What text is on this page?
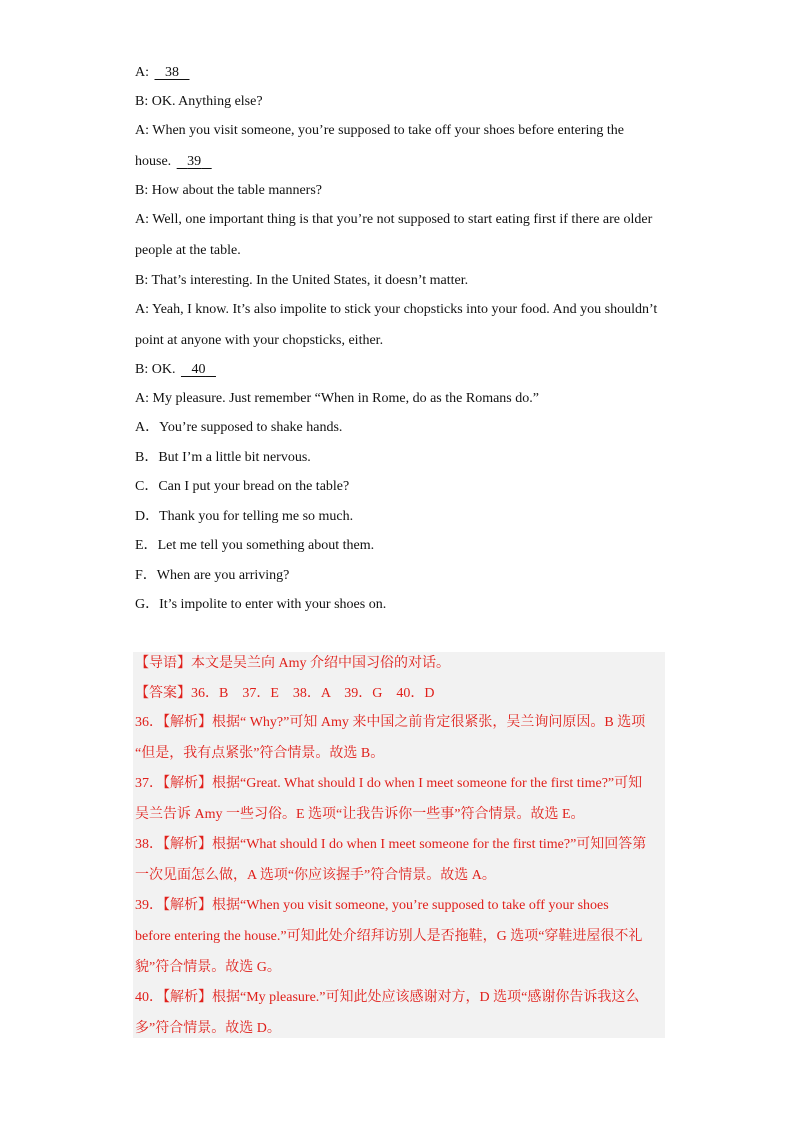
A: 38
B: OK. Anything else?
A: When you visit someone, you’re supposed to take off your shoes before entering the
house. 39
B: How about the table manners?
A: Well, one important thing is that you’re not supposed to start eating first if there are older
people at the table.
B: That’s interesting. In the United States, it doesn’t matter.
A: Yeah, I know. It’s also impolite to stick your chopsticks into your food. And you shouldn’t
point at anyone with your chopsticks, either.
B: OK. 40
A: My pleasure. Just remember “When in Rome, do as the Romans do.”
A．You’re supposed to shake hands.
B．But I’m a little bit nervous.
C．Can I put your bread on the table?
D．Thank you for telling me so much.
E．Let me tell you something about them.
F．When are you arriving?
G．It’s impolite to enter with your shoes on.
【导语】本文是吴兰向 Amy 介绍中国习俗的对话。
【答案】36．B　37．E　38．A　39．G　40．D
36．【解析】根据“ Why?”可知 Amy 来中国之前肯定很紧张，吴兰询问原因。B 选项
“但是，我有点紧张”符合情景。故选 B。
37．【解析】根据“Great. What should I do when I meet someone for the first time?”可知
吴兰告诉 Amy 一些习俗。E 选项“让我告诉你一些事”符合情景。故选 E。
38．【解析】根据“What should I do when I meet someone for the first time?”可知回答第
一次见面怎么做，A 选项“你应该握手”符合情景。故选 A。
39．【解析】根据“When you visit someone, you’re supposed to take off your shoes
before entering the house.”可知此处介绍拜访别人是否拖鞋，G 选项“穿鞋进屋很不礼
貌”符合情景。故选 G。
40．【解析】根据“My pleasure.”可知此处应该感谢对方，D 选项“感谢你告诉我这么
多”符合情景。故选 D。
